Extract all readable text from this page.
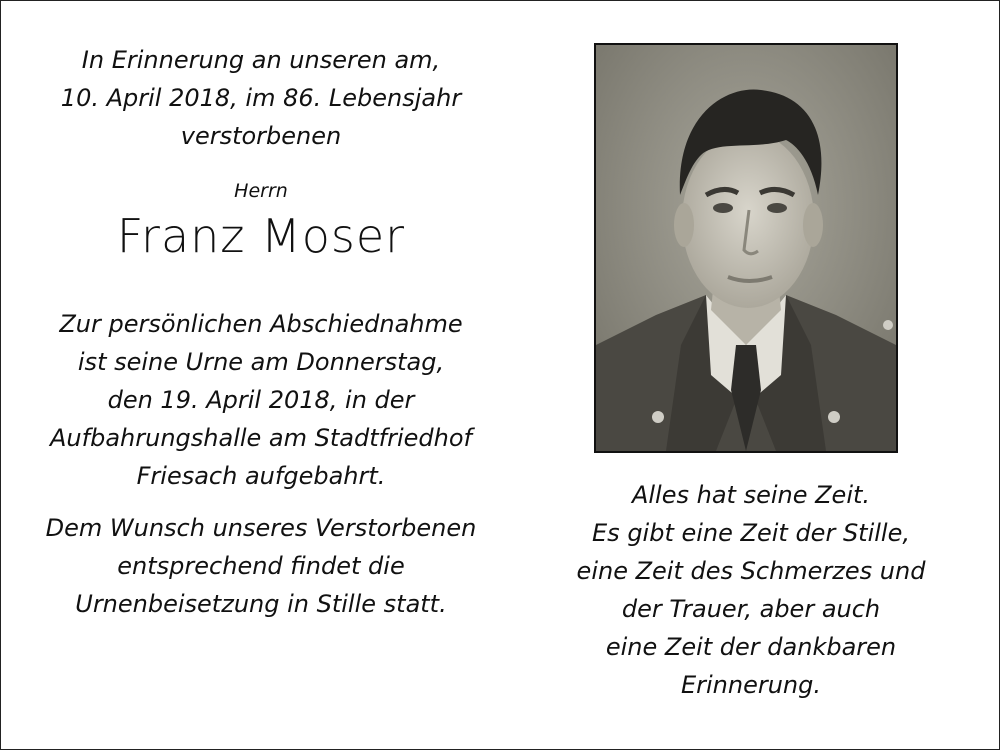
In Erinnerung an unseren am,
10. April 2018, im 86. Lebensjahr
verstorbenen
Herrn
Franz Moser
Zur persönlichen Abschiednahme
ist seine Urne am Donnerstag,
den 19. April 2018, in der
Aufbahrungshalle am Stadtfriedhof
Friesach aufgebahrt.
Dem Wunsch unseres Verstorbenen
entsprechend findet die
Urnenbeisetzung in Stille statt.
Alles hat seine Zeit.
Es gibt eine Zeit der Stille,
eine Zeit des Schmerzes und
der Trauer, aber auch
eine Zeit der dankbaren
Erinnerung.
